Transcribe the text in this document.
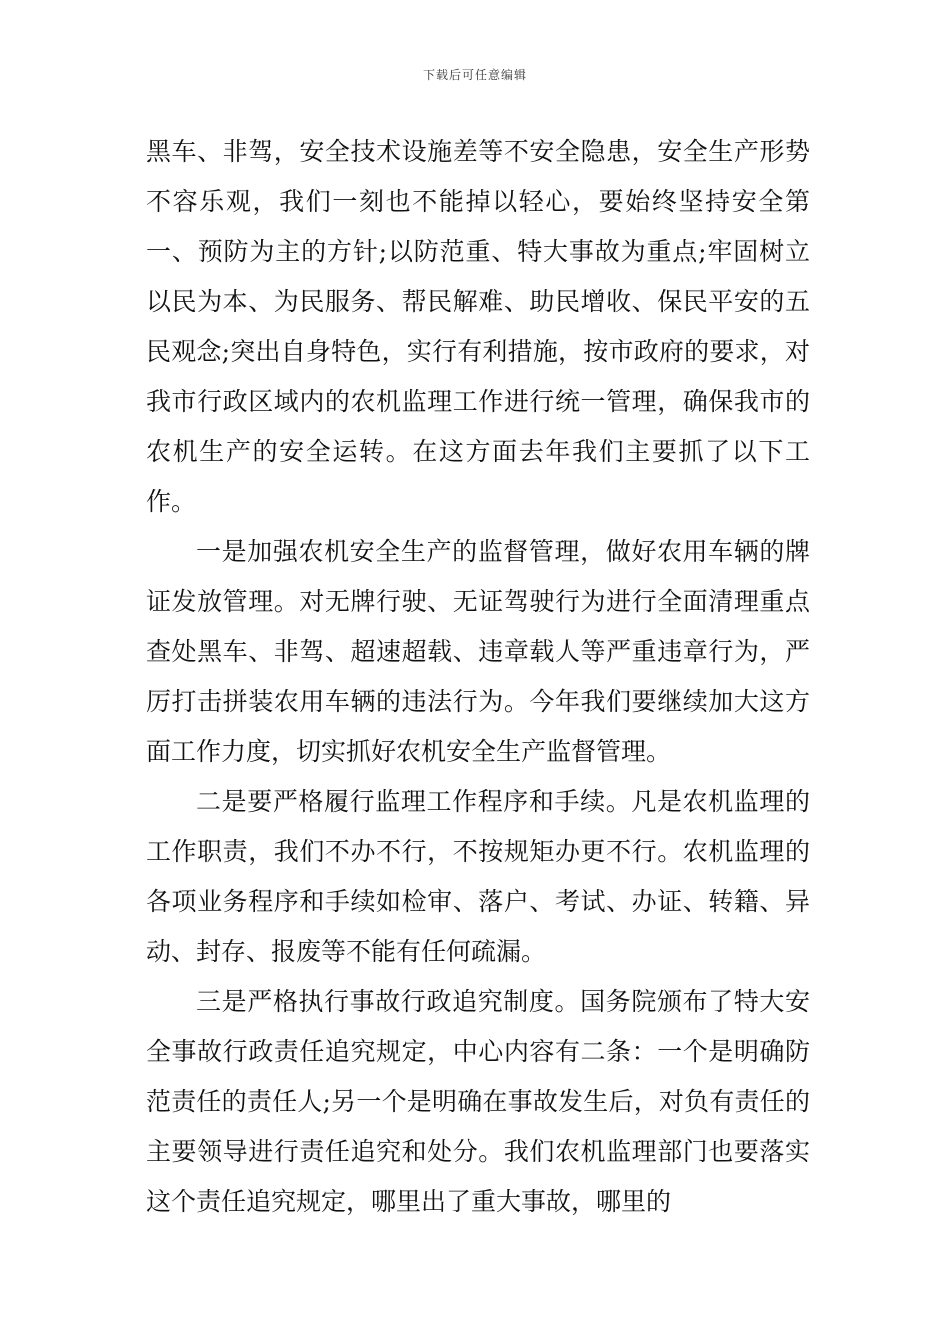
下载后可任意编辑

黑车、非驾，安全技术设施差等不安全隐患，安全生产形势不容乐观，我们一刻也不能掉以轻心，要始终坚持安全第一、预防为主的方针;以防范重、特大事故为重点;牢固树立以民为本、为民服务、帮民解难、助民增收、保民平安的五民观念;突出自身特色，实行有利措施，按市政府的要求，对我市行政区域内的农机监理工作进行统一管理，确保我市的农机生产的安全运转。在这方面去年我们主要抓了以下工作。

一是加强农机安全生产的监督管理，做好农用车辆的牌证发放管理。对无牌行驶、无证驾驶行为进行全面清理重点查处黑车、非驾、超速超载、违章载人等严重违章行为，严厉打击拼装农用车辆的违法行为。今年我们要继续加大这方面工作力度，切实抓好农机安全生产监督管理。

二是要严格履行监理工作程序和手续。凡是农机监理的工作职责，我们不办不行，不按规矩办更不行。农机监理的各项业务程序和手续如检审、落户、考试、办证、转籍、异动、封存、报废等不能有任何疏漏。

三是严格执行事故行政追究制度。国务院颁布了特大安全事故行政责任追究规定，中心内容有二条：一个是明确防范责任的责任人;另一个是明确在事故发生后，对负有责任的主要领导进行责任追究和处分。我们农机监理部门也要落实这个责任追究规定，哪里出了重大事故，哪里的
